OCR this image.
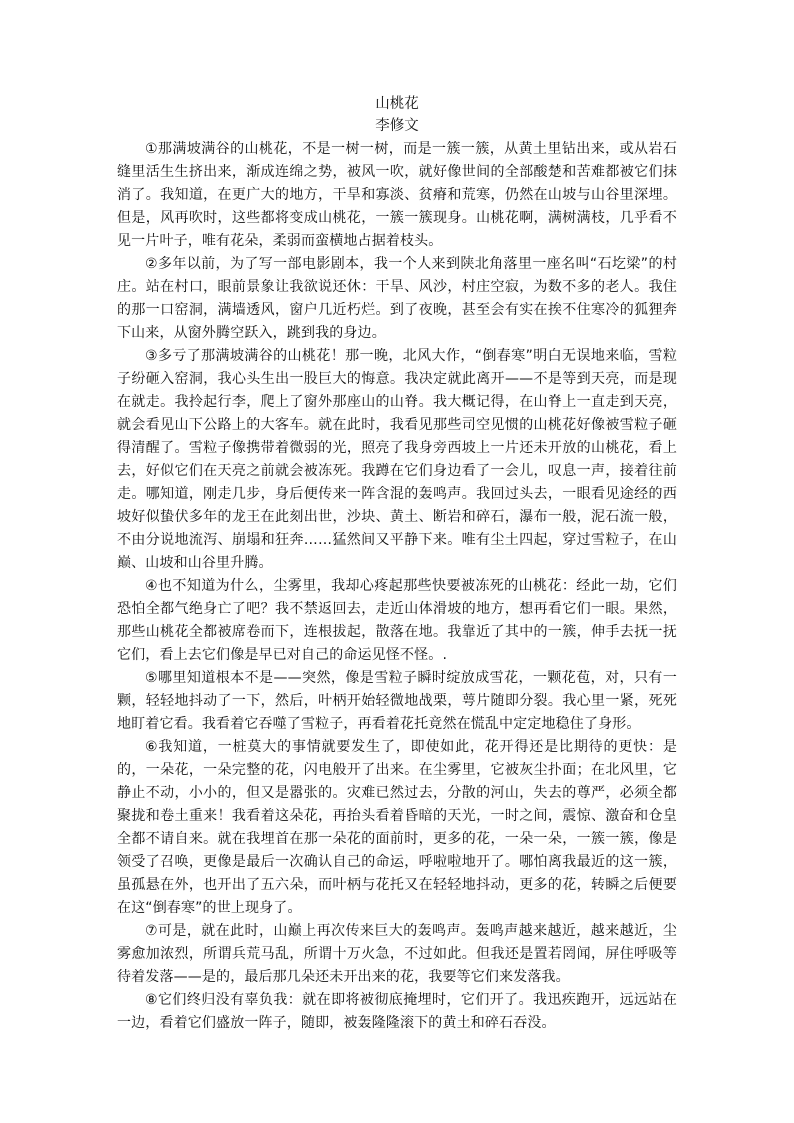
山桃花

李修文

①那满坡满谷的山桃花，不是一树一树，而是一簇一簇，从黄土里钻出来，或从岩石缝里活生生挤出来，渐成连绵之势，被风一吹，就好像世间的全部酸楚和苦难都被它们抹消了。我知道，在更广大的地方，干旱和寡淡、贫瘠和荒寒，仍然在山坡与山谷里深埋。但是，风再吹时，这些都将变成山桃花，一簇一簇现身。山桃花啊，满树满枝，几乎看不见一片叶子，唯有花朵，柔弱而蛮横地占据着枝头。

②多年以前，为了写一部电影剧本，我一个人来到陕北角落里一座名叫“石圪梁”的村庄。站在村口，眼前景象让我欲说还休：干旱、风沙，村庄空寂，为数不多的老人。我住的那一口窑洞，满墙透风，窗户几近朽烂。到了夜晚，甚至会有实在挨不住寒冷的狐狸奔下山来，从窗外腾空跃入，跳到我的身边。

③多亏了那满坡满谷的山桃花！那一晚，北风大作，“倒春寒”明白无误地来临，雪粒子纷砸入窑洞，我心头生出一股巨大的悔意。我决定就此离开——不是等到天亮，而是现在就走。我拎起行李，爬上了窗外那座山的山脊。我大概记得，在山脊上一直走到天亮，就会看见山下公路上的大客车。就在此时，我看见那些司空见惯的山桃花好像被雪粒子砸得清醒了。雪粒子像携带着微弱的光，照亮了我身旁西坡上一片还未开放的山桃花，看上去，好似它们在天亮之前就会被冻死。我蹲在它们身边看了一会儿，叹息一声，接着往前走。哪知道，刚走几步，身后便传来一阵含混的轰鸣声。我回过头去，一眼看见途经的西坡好似蛰伏多年的龙王在此刻出世，沙块、黄土、断岩和碎石，瀑布一般，泥石流一般，不由分说地流泻、崩塌和狂奔……猛然间又平静下来。唯有尘土四起，穿过雪粒子，在山巅、山坡和山谷里升腾。

④也不知道为什么，尘雾里，我却心疼起那些快要被冻死的山桃花：经此一劫，它们恐怕全都气绝身亡了吧？我不禁返回去，走近山体滑坡的地方，想再看它们一眼。果然，那些山桃花全都被席卷而下，连根拔起，散落在地。我靠近了其中的一簇，伸手去抚一抚它们，看上去它们像是早已对自己的命运见怪不怪。.

⑤哪里知道根本不是——突然，像是雪粒子瞬时绽放成雪花，一颗花苞，对，只有一颗，轻轻地抖动了一下，然后，叶柄开始轻微地战栗，萼片随即分裂。我心里一紧，死死地盯着它看。我看着它吞噬了雪粒子，再看着花托竟然在慌乱中定定地稳住了身形。

⑥我知道，一桩莫大的事情就要发生了，即使如此，花开得还是比期待的更快：是的，一朵花，一朵完整的花，闪电般开了出来。在尘雾里，它被灰尘扑面；在北风里，它静止不动，小小的，但又是嚣张的。灾难已然过去，分散的河山，失去的尊严，必须全都聚拢和卷土重来！我看着这朵花，再抬头看着昏暗的天光，一时之间，震惊、激奋和仓皇全都不请自来。就在我埋首在那一朵花的面前时，更多的花，一朵一朵，一簇一簇，像是领受了召唤，更像是最后一次确认自己的命运，呼啦啦地开了。哪怕离我最近的这一簇，虽孤悬在外，也开出了五六朵，而叶柄与花托又在轻轻地抖动，更多的花，转瞬之后便要在这“倒春寒”的世上现身了。

⑦可是，就在此时，山巅上再次传来巨大的轰鸣声。轰鸣声越来越近，越来越近，尘雾愈加浓烈，所谓兵荒马乱，所谓十万火急，不过如此。但我还是置若罔闻，屏住呼吸等待着发落——是的，最后那几朵还未开出来的花，我要等它们来发落我。

⑧它们终归没有辜负我：就在即将被彻底掩埋时，它们开了。我迅疾跑开，远远站在一边，看着它们盛放一阵子，随即，被轰隆隆滚下的黄土和碎石吞没。
